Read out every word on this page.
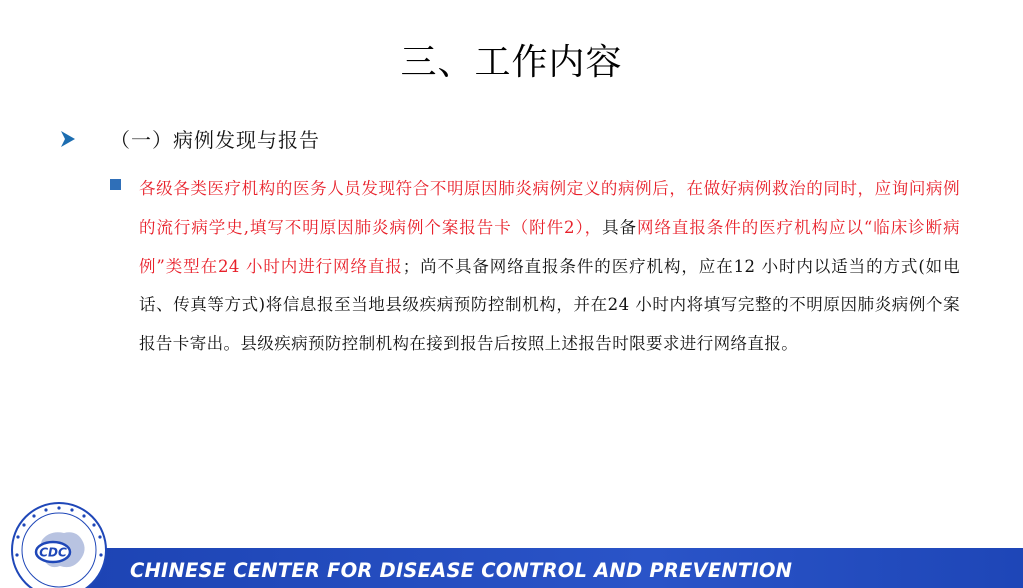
三、工作内容
（一）病例发现与报告
各级各类医疗机构的医务人员发现符合不明原因肺炎病例定义的病例后，在做好病例救治的同时，应询问病例的流行病学史,填写不明原因肺炎病例个案报告卡（附件2），具备网络直报条件的医疗机构应以“临床诊断病例”类型在24 小时内进行网络直报；尚不具备网络直报条件的医疗机构，应在12 小时内以适当的方式(如电话、传真等方式)将信息报至当地县级疾病预防控制机构，并在24 小时内将填写完整的不明原因肺炎病例个案报告卡寄出。县级疾病预防控制机构在接到报告后按照上述报告时限要求进行网络直报。
CHINESE CENTER FOR DISEASE CONTROL AND PREVENTION
CDC
